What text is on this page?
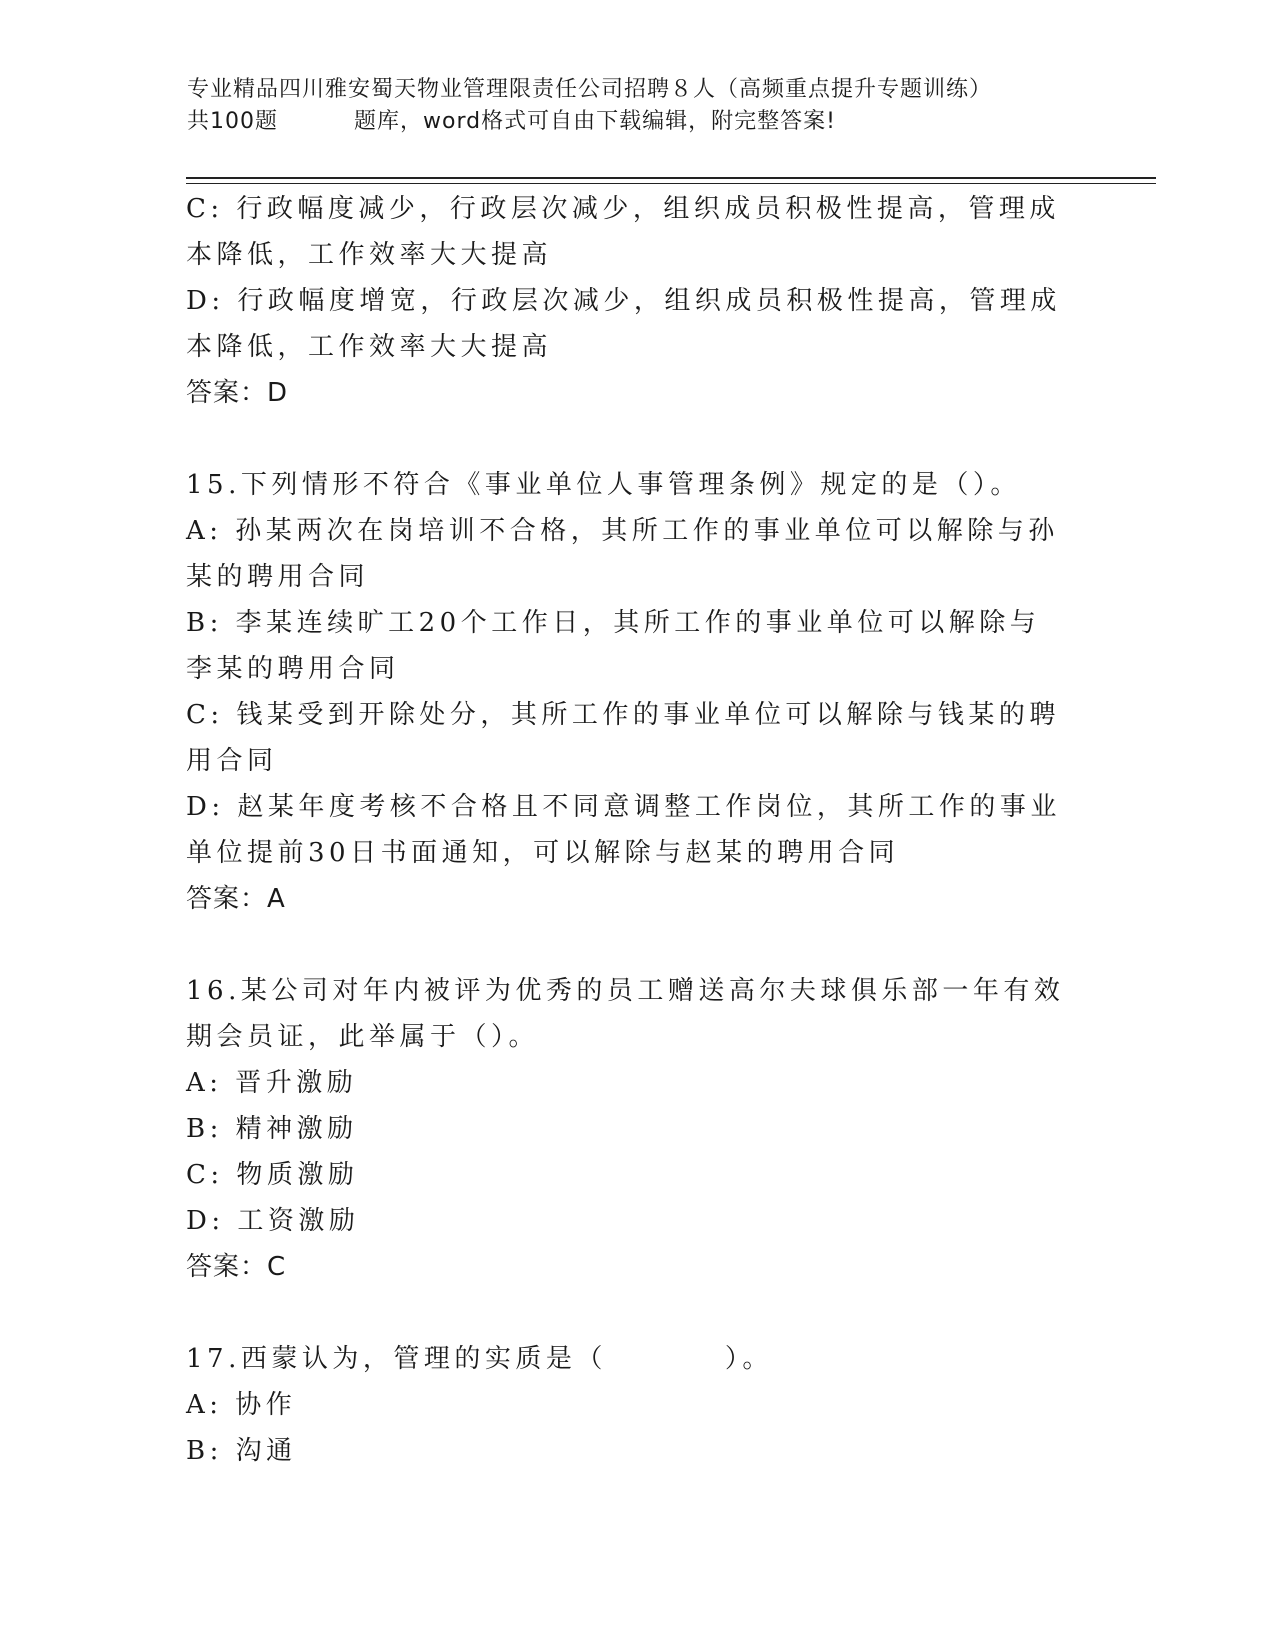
专业精品四川雅安蜀天物业管理限责任公司招聘８人（高频重点提升专题训练）
共100题	题库，word格式可自由下载编辑，附完整答案!

C: 行政幅度减少，行政层次减少，组织成员积极性提高，管理成本降低，工作效率大大提高

D: 行政幅度增宽，行政层次减少，组织成员积极性提高，管理成本降低，工作效率大大提高

答案：D

15.下列情形不符合《事业单位人事管理条例》规定的是（）。

A: 孙某两次在岗培训不合格，其所工作的事业单位可以解除与孙某的聘用合同

B: 李某连续旷工20个工作日，其所工作的事业单位可以解除与李某的聘用合同

C: 钱某受到开除处分，其所工作的事业单位可以解除与钱某的聘用合同

D: 赵某年度考核不合格且不同意调整工作岗位，其所工作的事业单位提前30日书面通知，可以解除与赵某的聘用合同

答案：A

16.某公司对年内被评为优秀的员工赠送高尔夫球俱乐部一年有效期会员证，此举属于（）。

A: 晋升激励

B: 精神激励

C: 物质激励

D: 工资激励

答案：C

17.西蒙认为，管理的实质是（	）。

A: 协作

B: 沟通
